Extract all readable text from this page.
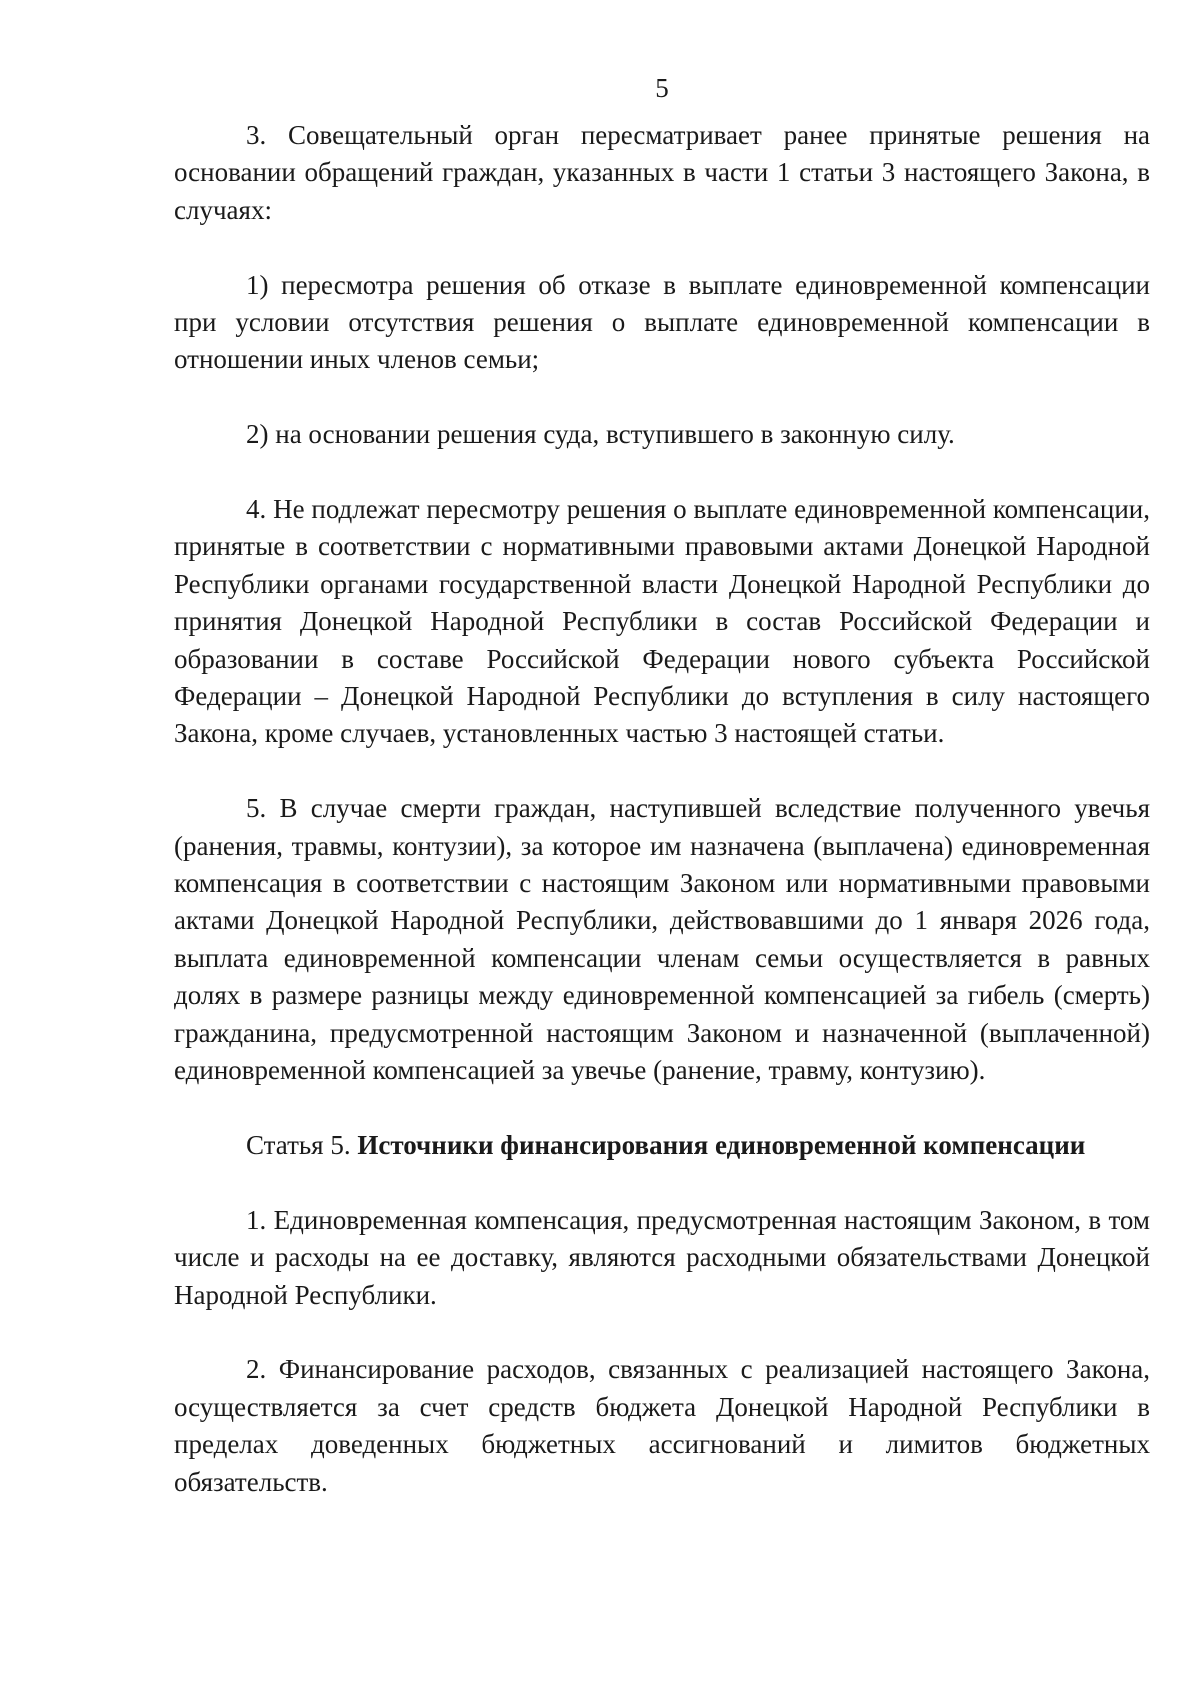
5

3. Совещательный орган пересматривает ранее принятые решения на основании обращений граждан, указанных в части 1 статьи 3 настоящего Закона, в случаях:

1) пересмотра решения об отказе в выплате единовременной компенсации при условии отсутствия решения о выплате единовременной компенсации в отношении иных членов семьи;

2) на основании решения суда, вступившего в законную силу.

4. Не подлежат пересмотру решения о выплате единовременной компенсации, принятые в соответствии с нормативными правовыми актами Донецкой Народной Республики органами государственной власти Донецкой Народной Республики до принятия Донецкой Народной Республики в состав Российской Федерации и образовании в составе Российской Федерации нового субъекта Российской Федерации – Донецкой Народной Республики до вступления в силу настоящего Закона, кроме случаев, установленных частью 3 настоящей статьи.

5. В случае смерти граждан, наступившей вследствие полученного увечья (ранения, травмы, контузии), за которое им назначена (выплачена) единовременная компенсация в соответствии с настоящим Законом или нормативными правовыми актами Донецкой Народной Республики, действовавшими до 1 января 2026 года, выплата единовременной компенсации членам семьи осуществляется в равных долях в размере разницы между единовременной компенсацией за гибель (смерть) гражданина, предусмотренной настоящим Законом и назначенной (выплаченной) единовременной компенсацией за увечье (ранение, травму, контузию).

Статья 5. Источники финансирования единовременной компенсации

1. Единовременная компенсация, предусмотренная настоящим Законом, в том числе и расходы на ее доставку, являются расходными обязательствами Донецкой Народной Республики.

2. Финансирование расходов, связанных с реализацией настоящего Закона, осуществляется за счет средств бюджета Донецкой Народной Республики в пределах доведенных бюджетных ассигнований и лимитов бюджетных обязательств.
